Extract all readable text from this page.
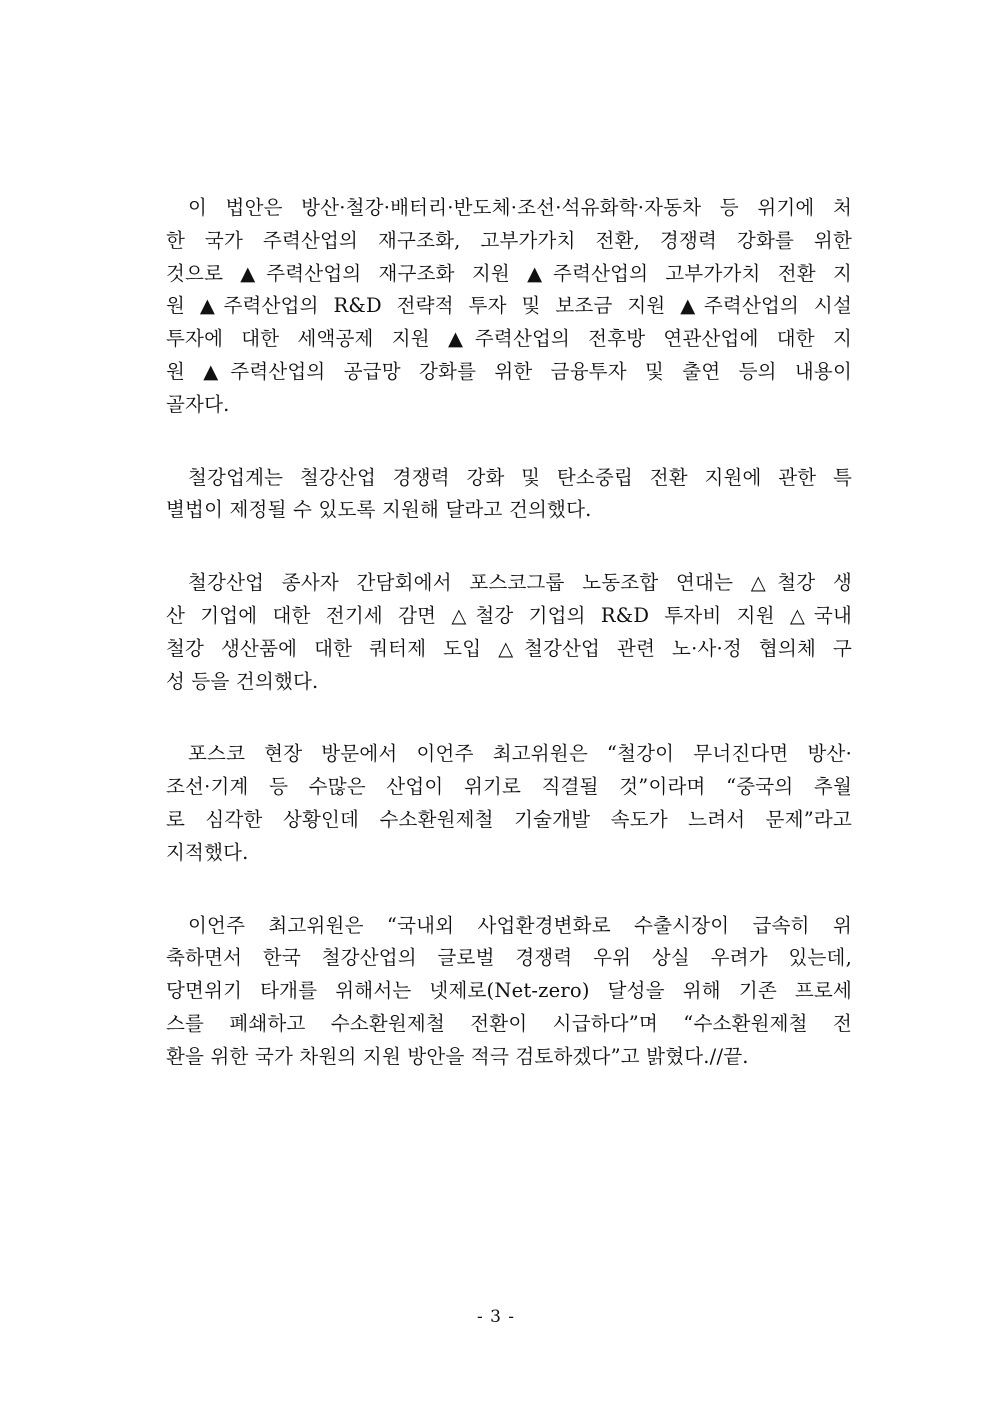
이 법안은 방산·철강·배터리·반도체·조선·석유화학·자동차 등 위기에 처
한 국가 주력산업의 재구조화, 고부가가치 전환, 경쟁력 강화를 위한
것으로 ▲주력산업의 재구조화 지원 ▲주력산업의 고부가가치 전환 지
원 ▲주력산업의 R&D 전략적 투자 및 보조금 지원 ▲주력산업의 시설
투자에 대한 세액공제 지원 ▲주력산업의 전후방 연관산업에 대한 지
원 ▲주력산업의 공급망 강화를 위한 금융투자 및 출연 등의 내용이
골자다.

철강업계는 철강산업 경쟁력 강화 및 탄소중립 전환 지원에 관한 특
별법이 제정될 수 있도록 지원해 달라고 건의했다.

철강산업 종사자 간담회에서 포스코그룹 노동조합 연대는 △철강 생
산 기업에 대한 전기세 감면 △철강 기업의 R&D 투자비 지원 △국내
철강 생산품에 대한 쿼터제 도입 △철강산업 관련 노·사·정 협의체 구
성 등을 건의했다.

포스코 현장 방문에서 이언주 최고위원은 “철강이 무너진다면 방산·
조선·기계 등 수많은 산업이 위기로 직결될 것”이라며 “중국의 추월
로 심각한 상황인데 수소환원제철 기술개발 속도가 느려서 문제”라고
지적했다.

이언주 최고위원은 “국내외 사업환경변화로 수출시장이 급속히 위
축하면서 한국 철강산업의 글로벌 경쟁력 우위 상실 우려가 있는데,
당면위기 타개를 위해서는 넷제로(Net-zero) 달성을 위해 기존 프로세
스를 폐쇄하고 수소환원제철 전환이 시급하다”며 “수소환원제철 전
환을 위한 국가 차원의 지원 방안을 적극 검토하겠다”고 밝혔다.//끝.

- 3 -
